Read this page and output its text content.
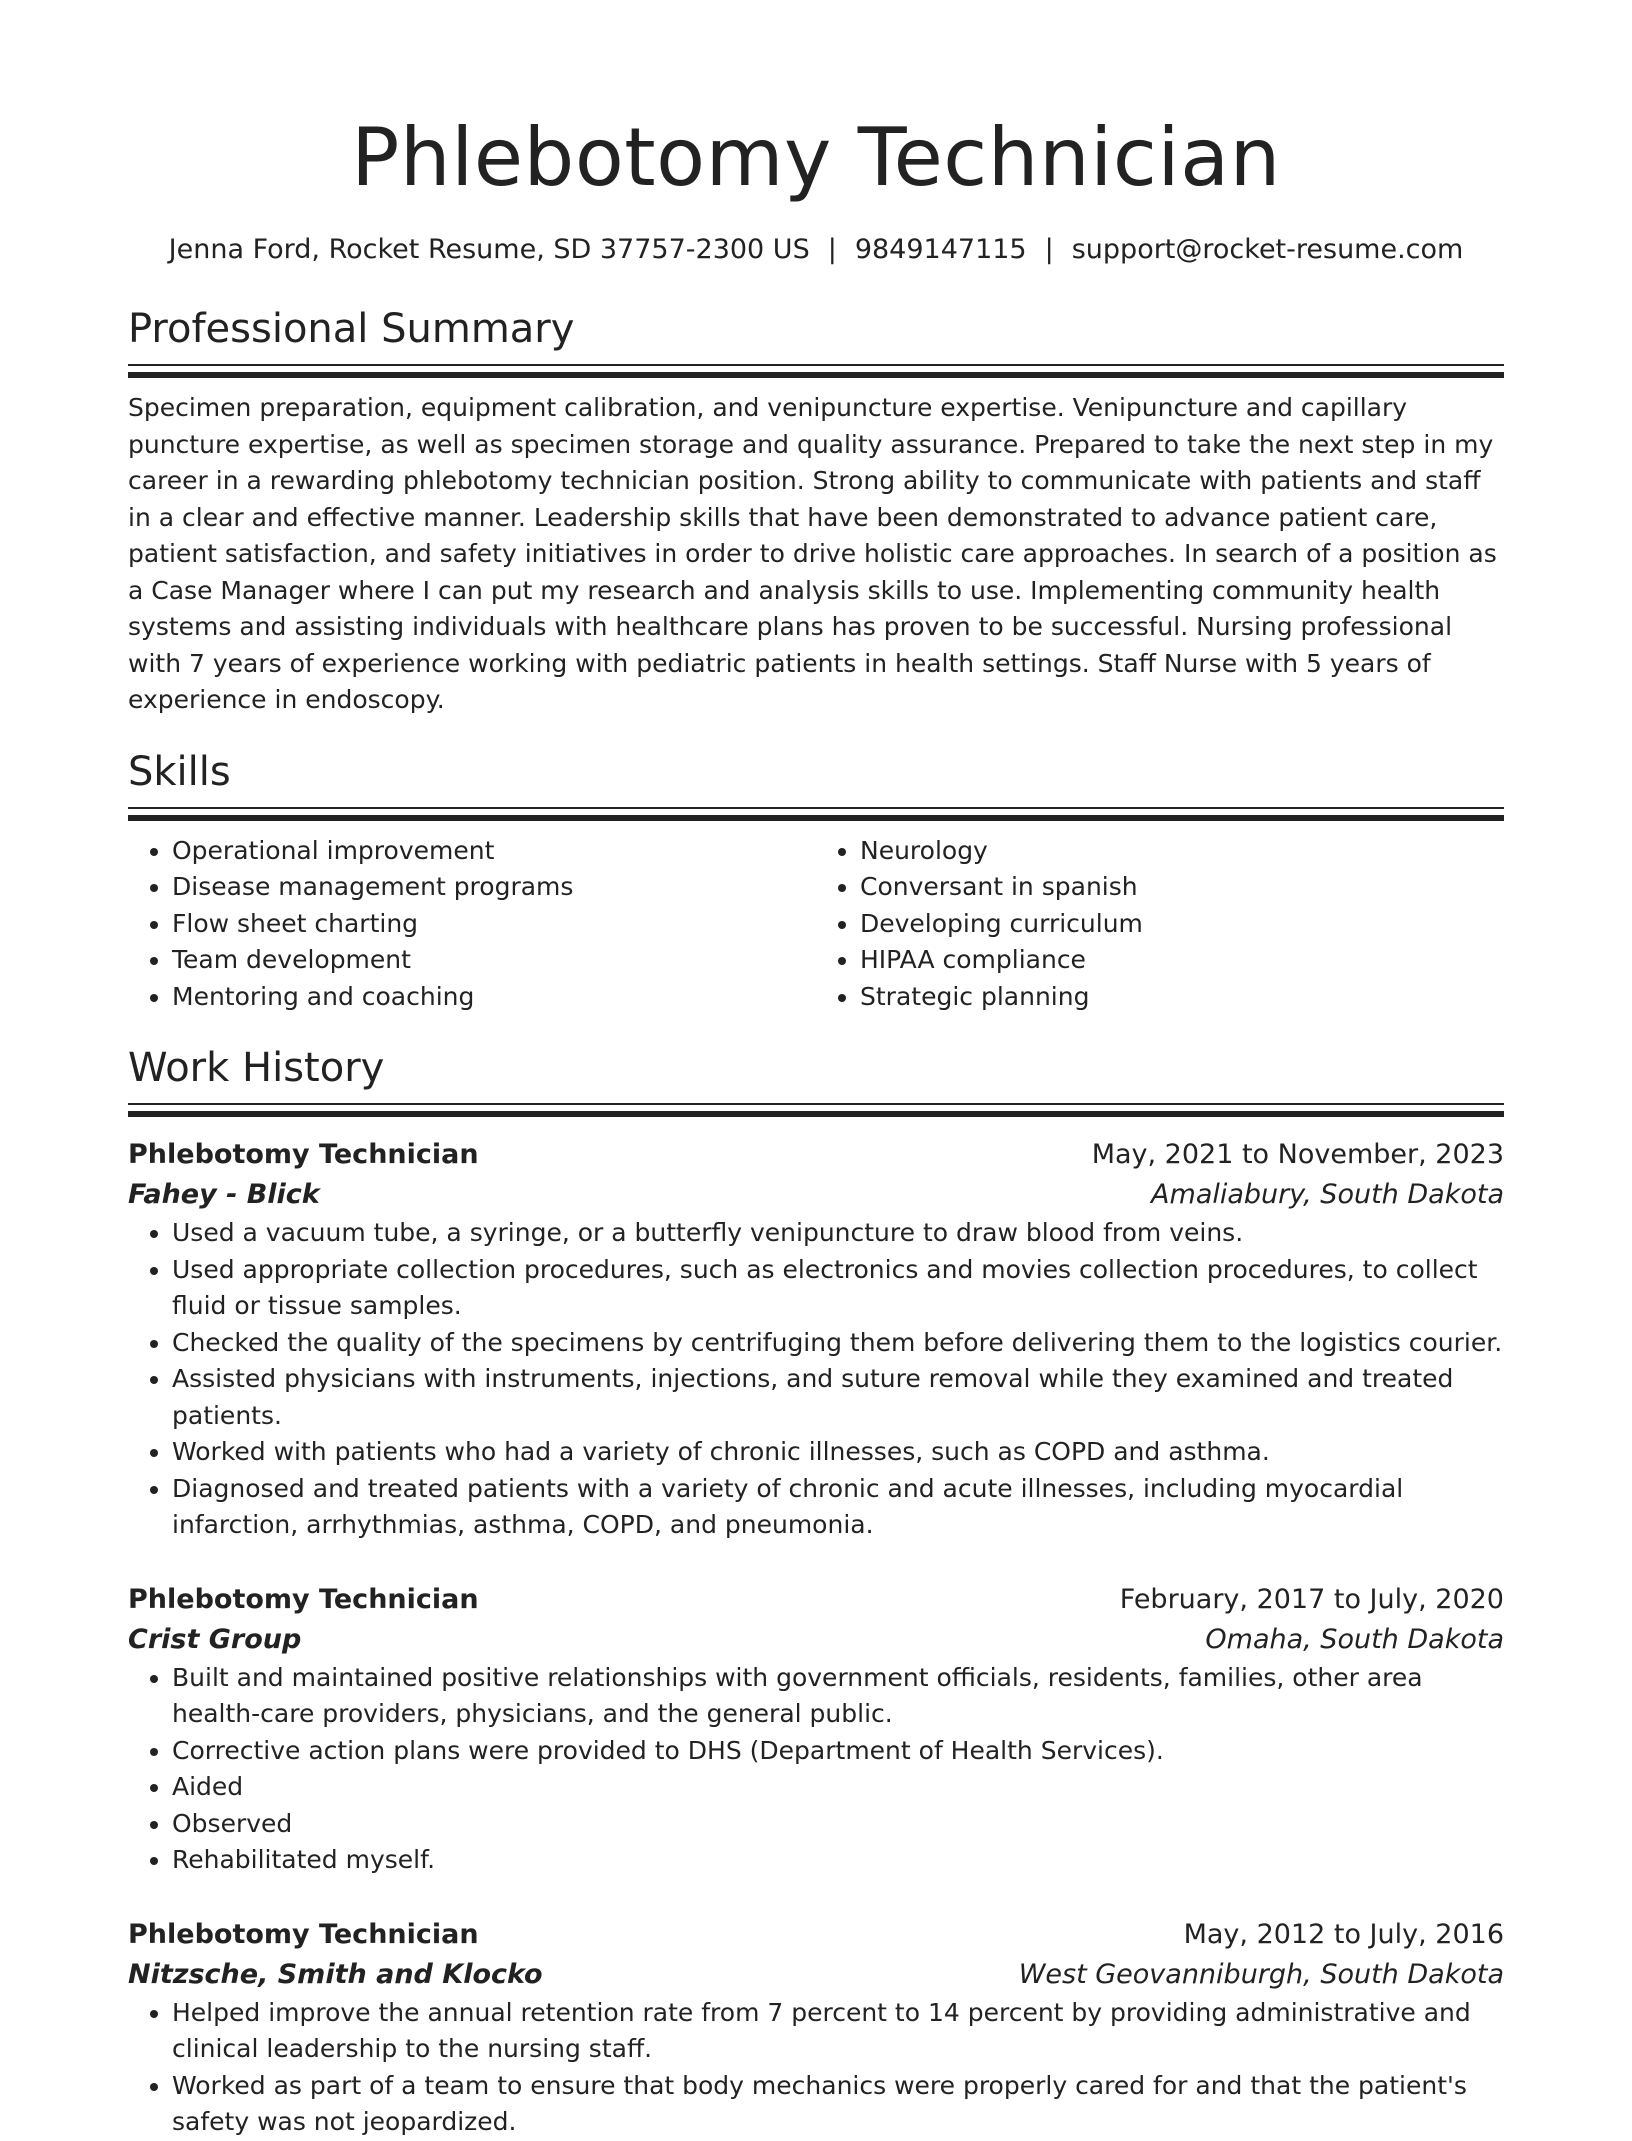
Phlebotomy Technician
Jenna Ford, Rocket Resume, SD 37757-2300 US | 9849147115 | support@rocket-resume.com
Professional Summary

Specimen preparation, equipment calibration, and venipuncture expertise. Venipuncture and capillary puncture expertise, as well as specimen storage and quality assurance. Prepared to take the next step in my career in a rewarding phlebotomy technician position. Strong ability to communicate with patients and staff in a clear and effective manner. Leadership skills that have been demonstrated to advance patient care, patient satisfaction, and safety initiatives in order to drive holistic care approaches. In search of a position as a Case Manager where I can put my research and analysis skills to use. Implementing community health systems and assisting individuals with healthcare plans has proven to be successful. Nursing professional with 7 years of experience working with pediatric patients in health settings. Staff Nurse with 5 years of experience in endoscopy.

Skills
• Operational improvement
• Disease management programs
• Flow sheet charting
• Team development
• Mentoring and coaching
• Neurology
• Conversant in spanish
• Developing curriculum
• HIPAA compliance
• Strategic planning
Work History
Phlebotomy Technician	May, 2021 to November, 2023
Fahey - Blick	Amaliabury, South Dakota
• Used a vacuum tube, a syringe, or a butterfly venipuncture to draw blood from veins.
• Used appropriate collection procedures, such as electronics and movies collection procedures, to collect fluid or tissue samples.
• Checked the quality of the specimens by centrifuging them before delivering them to the logistics courier.
• Assisted physicians with instruments, injections, and suture removal while they examined and treated patients.
• Worked with patients who had a variety of chronic illnesses, such as COPD and asthma.
• Diagnosed and treated patients with a variety of chronic and acute illnesses, including myocardial infarction, arrhythmias, asthma, COPD, and pneumonia.
Phlebotomy Technician	February, 2017 to July, 2020
Crist Group	Omaha, South Dakota
• Built and maintained positive relationships with government officials, residents, families, other area health-care providers, physicians, and the general public.
• Corrective action plans were provided to DHS (Department of Health Services).
• Aided
• Observed
• Rehabilitated myself.
Phlebotomy Technician	May, 2012 to July, 2016
Nitzsche, Smith and Klocko	West Geovanniburgh, South Dakota
• Helped improve the annual retention rate from 7 percent to 14 percent by providing administrative and clinical leadership to the nursing staff.
• Worked as part of a team to ensure that body mechanics were properly cared for and that the patient's safety was not jeopardized.
